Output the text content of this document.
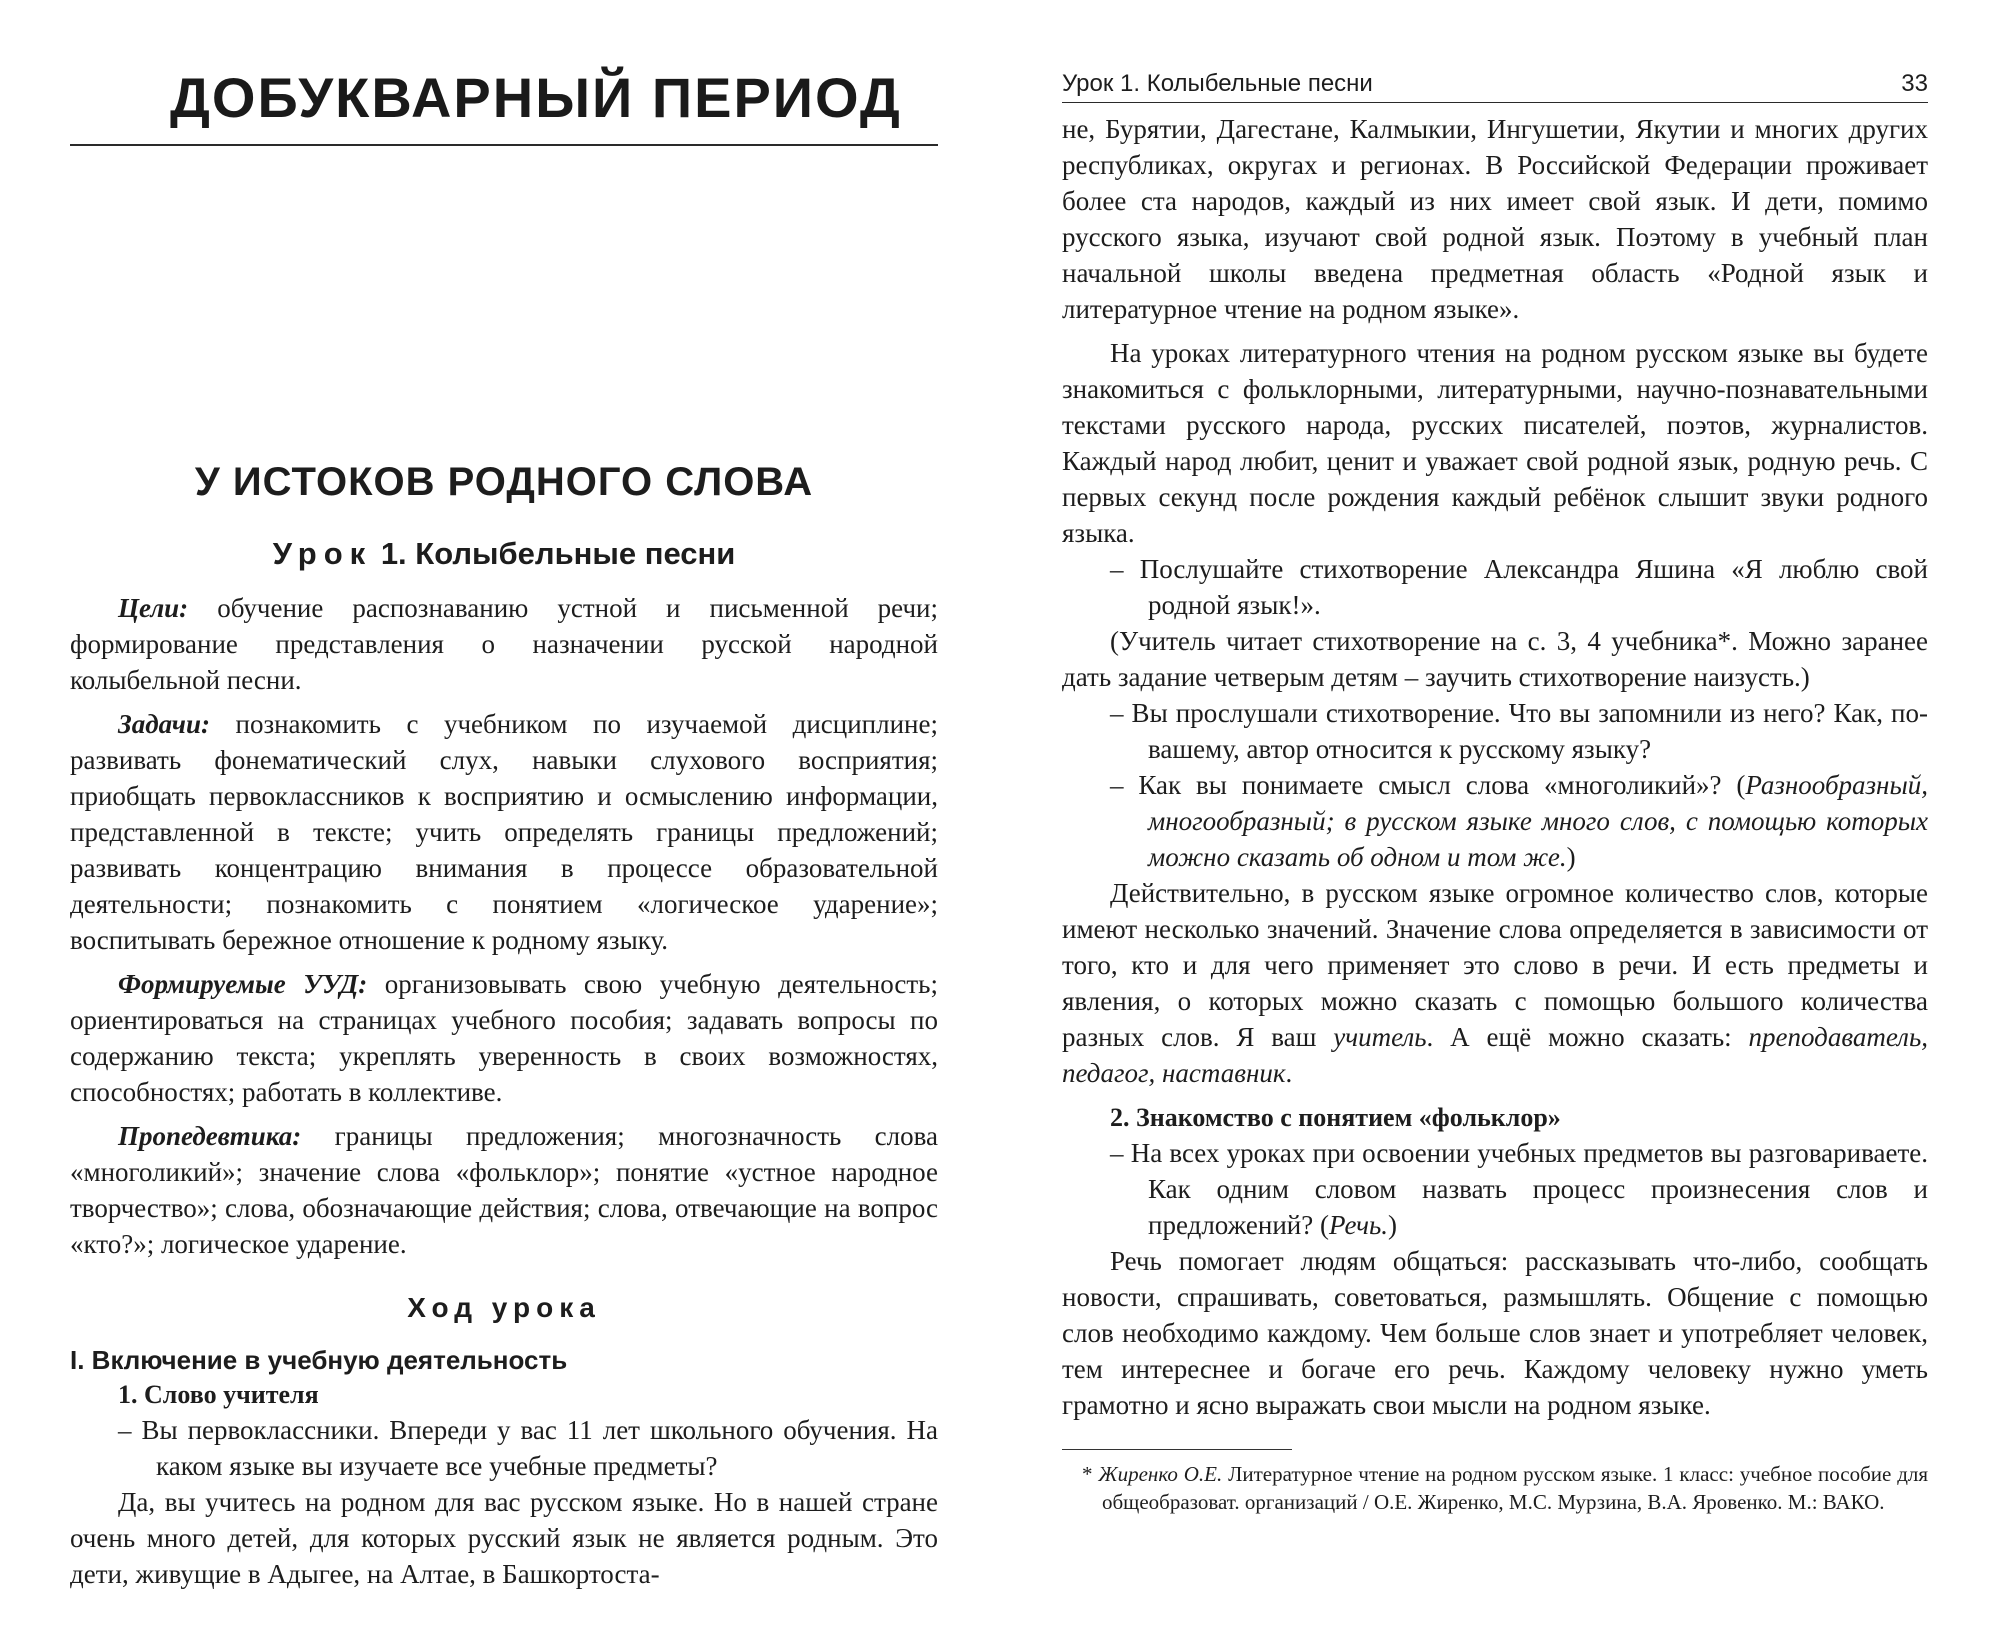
ДОБУКВАРНЫЙ ПЕРИОД
У ИСТОКОВ РОДНОГО СЛОВА
Урок 1. Колыбельные песни

Цели: обучение распознаванию устной и письменной речи; формирование представления о назначении русской народной колыбельной песни.

Задачи: познакомить с учебником по изучаемой дисциплине; развивать фонематический слух, навыки слухового восприятия; приобщать первоклассников к восприятию и осмыслению информации, представленной в тексте; учить определять границы предложений; развивать концентрацию внимания в процессе образовательной деятельности; познакомить с понятием «логическое ударение»; воспитывать бережное отношение к родному языку.

Формируемые УУД: организовывать свою учебную деятельность; ориентироваться на страницах учебного пособия; задавать вопросы по содержанию текста; укреплять уверенность в своих возможностях, способностях; работать в коллективе.

Пропедевтика: границы предложения; многозначность слова «многоликий»; значение слова «фольклор»; понятие «устное народное творчество»; слова, обозначающие действия; слова, отвечающие на вопрос «кто?»; логическое ударение.

Ход урока
I. Включение в учебную деятельность
1. Слово учителя

– Вы первоклассники. Впереди у вас 11 лет школьного обучения. На каком языке вы изучаете все учебные предметы?

Да, вы учитесь на родном для вас русском языке. Но в нашей стране очень много детей, для которых русский язык не является родным. Это дети, живущие в Адыгее, на Алтае, в Башкортоста-

Урок 1. Колыбельные песни	33

не, Бурятии, Дагестане, Калмыкии, Ингушетии, Якутии и многих других республиках, округах и регионах. В Российской Федерации проживает более ста народов, каждый из них имеет свой язык. И дети, помимо русского языка, изучают свой родной язык. Поэтому в учебный план начальной школы введена предметная область «Родной язык и литературное чтение на родном языке».

На уроках литературного чтения на родном русском языке вы будете знакомиться с фольклорными, литературными, научно-познавательными текстами русского народа, русских писателей, поэтов, журналистов. Каждый народ любит, ценит и уважает свой родной язык, родную речь. С первых секунд после рождения каждый ребёнок слышит звуки родного языка.

– Послушайте стихотворение Александра Яшина «Я люблю свой родной язык!».

(Учитель читает стихотворение на с. 3, 4 учебника*. Можно заранее дать задание четверым детям – заучить стихотворение наизусть.)

– Вы прослушали стихотворение. Что вы запомнили из него? Как, по-вашему, автор относится к русскому языку?

– Как вы понимаете смысл слова «многоликий»? (Разнообразный, многообразный; в русском языке много слов, с помощью которых можно сказать об одном и том же.)

Действительно, в русском языке огромное количество слов, которые имеют несколько значений. Значение слова определяется в зависимости от того, кто и для чего применяет это слово в речи. И есть предметы и явления, о которых можно сказать с помощью большого количества разных слов. Я ваш учитель. А ещё можно сказать: преподаватель, педагог, наставник.

2. Знакомство с понятием «фольклор»

– На всех уроках при освоении учебных предметов вы разговариваете. Как одним словом назвать процесс произнесения слов и предложений? (Речь.)

Речь помогает людям общаться: рассказывать что-либо, сообщать новости, спрашивать, советоваться, размышлять. Общение с помощью слов необходимо каждому. Чем больше слов знает и употребляет человек, тем интереснее и богаче его речь. Каждому человеку нужно уметь грамотно и ясно выражать свои мысли на родном языке.

* Жиренко О.Е. Литературное чтение на родном русском языке. 1 класс: учебное пособие для общеобразоват. организаций / О.Е. Жиренко, М.С. Мурзина, В.А. Яровенко. М.: ВАКО.
